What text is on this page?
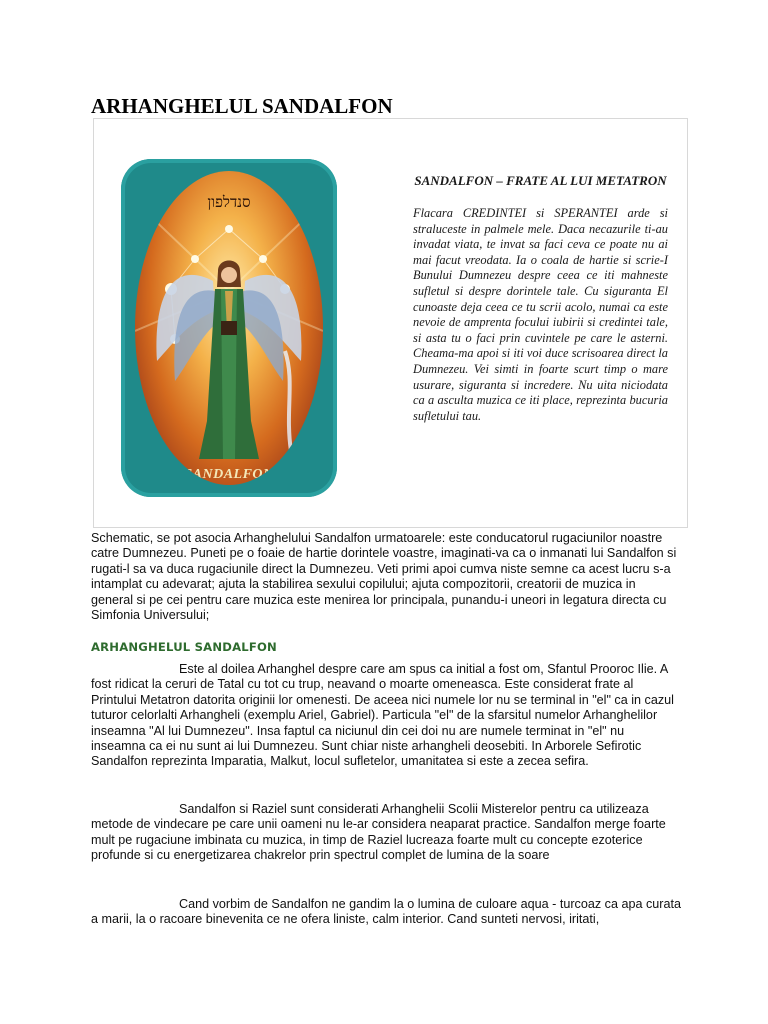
ARHANGHELUL SANDALFON
סנדלפון
SANDALFON
SANDALFON – FRATE AL LUI METATRON

Flacara CREDINTEI si SPERANTEI arde si straluceste in palmele mele. Daca necazurile ti-au invadat viata, te invat sa faci ceva ce poate nu ai mai facut vreodata. Ia o coala de hartie si scrie-I Bunului Dumnezeu despre ceea ce iti mahneste sufletul si despre dorintele tale. Cu siguranta El cunoaste deja ceea ce tu scrii acolo, numai ca este nevoie de amprenta focului iubirii si credintei tale, si asta tu o faci prin cuvintele pe care le asterni. Cheama-ma apoi si iti voi duce scrisoarea direct la Dumnezeu. Vei simti in foarte scurt timp o mare usurare, siguranta si incredere. Nu uita niciodata ca a asculta muzica ce iti place, reprezinta bucuria sufletului tau.

Schematic, se pot asocia Arhanghelului Sandalfon urmatoarele: este conducatorul rugaciunilor noastre catre Dumnezeu. Puneti pe o foaie de hartie dorintele voastre, imaginati-va ca o inmanati lui Sandalfon si rugati-l sa va duca rugaciunile direct la Dumnezeu. Veti primi apoi cumva niste semne ca acest lucru s-a intamplat cu adevarat; ajuta la stabilirea sexului copilului; ajuta compozitorii, creatorii de muzica in general si pe cei pentru care muzica este menirea lor principala, punandu-i uneori in legatura directa cu Simfonia Universului;

ARHANGHELUL SANDALFON

Este al doilea Arhanghel despre care am spus ca initial a fost om, Sfantul Prooroc Ilie. A fost ridicat la ceruri de Tatal cu tot cu trup, neavand o moarte omeneasca. Este considerat frate al Printului Metatron datorita originii lor omenesti. De aceea nici numele lor nu se terminal in "el" ca in cazul tuturor celorlalti Arhangheli (exemplu Ariel, Gabriel). Particula "el" de la sfarsitul numelor Arhanghelilor inseamna "Al lui Dumnezeu". Insa faptul ca niciunul din cei doi nu are numele terminat in "el" nu inseamna ca ei nu sunt ai lui Dumnezeu. Sunt chiar niste arhangheli deosebiti. In Arborele Sefirotic Sandalfon reprezinta Imparatia, Malkut, locul sufletelor, umanitatea si este a zecea sefira.

Sandalfon si Raziel sunt considerati Arhanghelii Scolii Misterelor pentru ca utilizeaza metode de vindecare pe care unii oameni nu le-ar considera neaparat practice. Sandalfon merge foarte mult pe rugaciune imbinata cu muzica, in timp de Raziel lucreaza foarte mult cu concepte ezoterice profunde si cu energetizarea chakrelor prin spectrul complet de lumina de la soare

Cand vorbim de Sandalfon ne gandim la o lumina de culoare aqua - turcoaz ca apa curata a marii, la o racoare binevenita ce ne ofera liniste, calm interior. Cand sunteti nervosi, iritati,
